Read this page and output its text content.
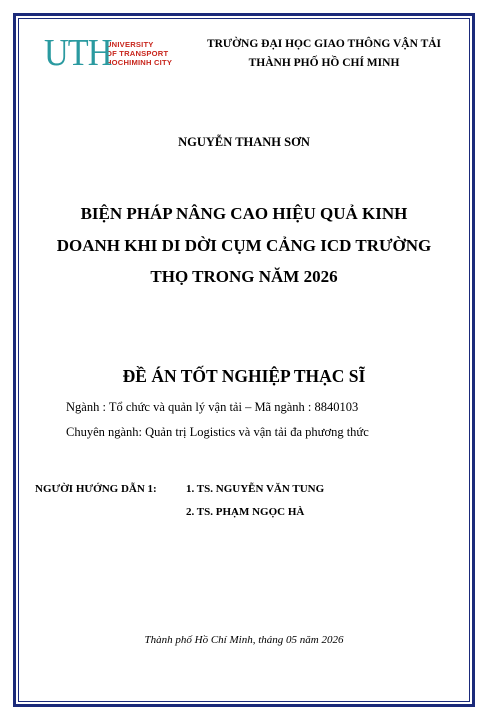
UTH
UNIVERSITY
OF TRANSPORT
HOCHIMINH CITY
TRƯỜNG ĐẠI HỌC GIAO THÔNG VẬN TẢI
THÀNH PHỐ HỒ CHÍ MINH
NGUYỄN THANH SƠN
BIỆN PHÁP NÂNG CAO HIỆU QUẢ KINH
DOANH KHI DI DỜI CỤM CẢNG ICD TRƯỜNG
THỌ TRONG NĂM 2026
ĐỀ ÁN TỐT NGHIỆP THẠC SĨ
Ngành : Tổ chức và quản lý vận tải – Mã ngành : 8840103
Chuyên ngành: Quản trị Logistics và vận tải đa phương thức
NGƯỜI HƯỚNG DẪN 1:	1. TS. NGUYỄN VĂN TUNG
2. TS. PHẠM NGỌC HÀ
Thành phố Hồ Chí Minh, tháng 05 năm 2026
